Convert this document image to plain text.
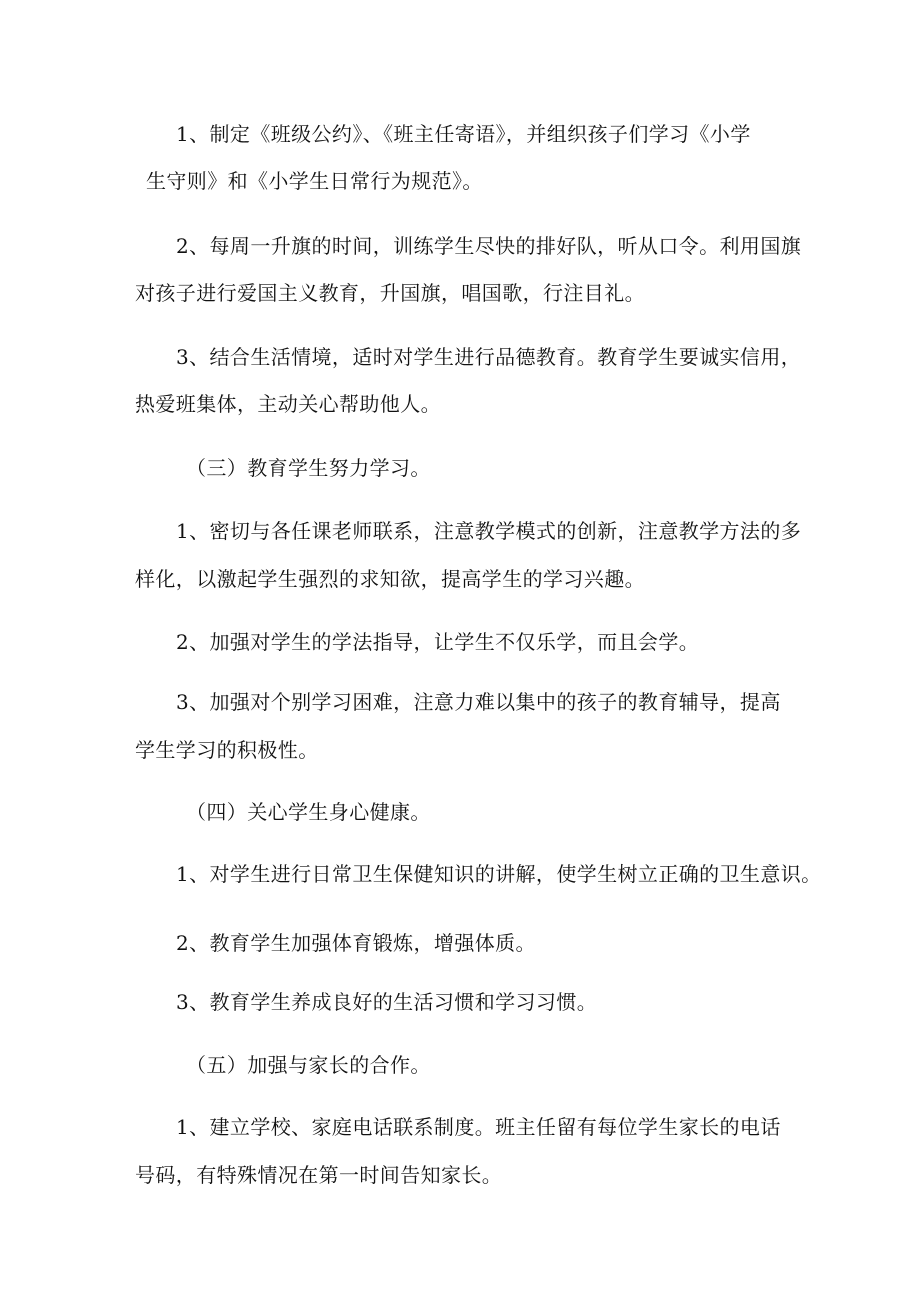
1、制定《班级公约》、《班主任寄语》，并组织孩子们学习《小学
生守则》和《小学生日常行为规范》。
2、每周一升旗的时间，训练学生尽快的排好队，听从口令。利用国旗
对孩子进行爱国主义教育，升国旗，唱国歌，行注目礼。
3、结合生活情境，适时对学生进行品德教育。教育学生要诚实信用，
热爱班集体，主动关心帮助他人。
（三）教育学生努力学习。
1、密切与各任课老师联系，注意教学模式的创新，注意教学方法的多
样化，以激起学生强烈的求知欲，提高学生的学习兴趣。
2、加强对学生的学法指导，让学生不仅乐学，而且会学。
3、加强对个别学习困难，注意力难以集中的孩子的教育辅导，提高
学生学习的积极性。
（四）关心学生身心健康。
1、对学生进行日常卫生保健知识的讲解，使学生树立正确的卫生意识。
2、教育学生加强体育锻炼，增强体质。
3、教育学生养成良好的生活习惯和学习习惯。
（五）加强与家长的合作。
1、建立学校、家庭电话联系制度。班主任留有每位学生家长的电话
号码，有特殊情况在第一时间告知家长。
